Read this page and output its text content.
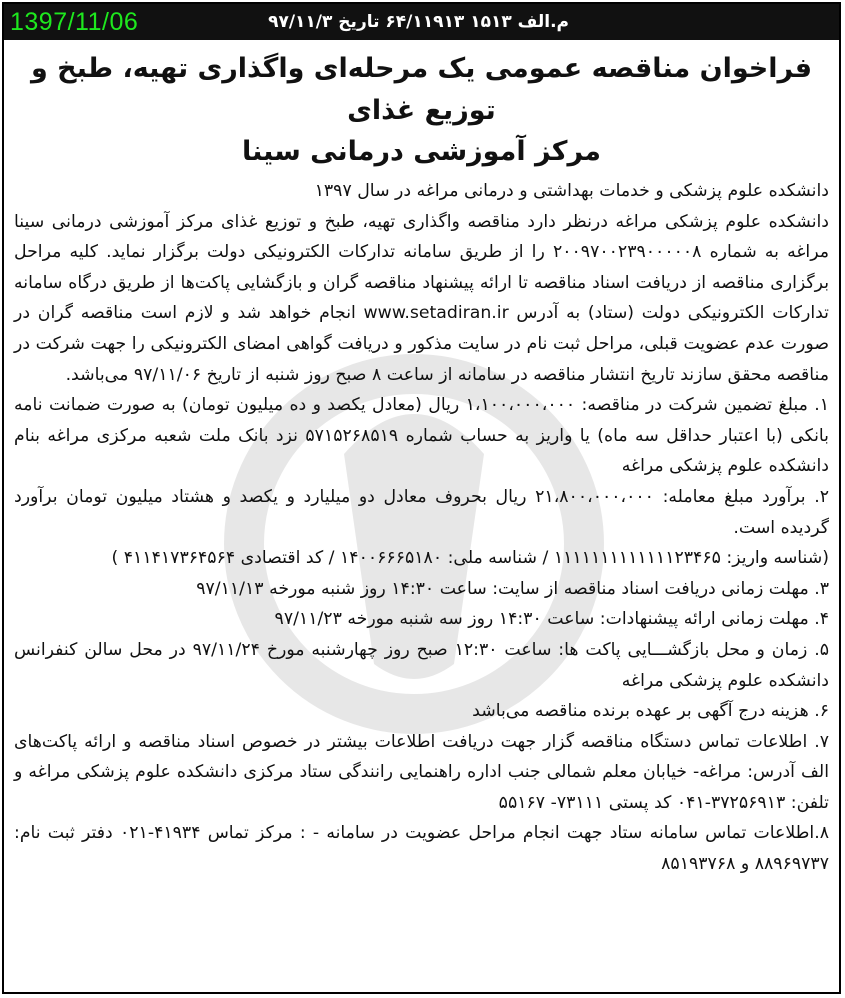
1397/11/06	م.الف ۱۵۱۳ ۶۴/۱۱۹۱۳ تاریخ ۹۷/۱۱/۳
فراخوان مناقصه عمومی یک مرحله‌ای واگذاری تهیه، طبخ و توزیع غذای
مرکز آموزشی درمانی سینا

دانشکده علوم پزشکی و خدمات بهداشتی و درمانی مراغه در سال ۱۳۹۷

دانشکده علوم پزشکی مراغه درنظر دارد مناقصه واگذاری تهیه، طبخ و توزیع غذای مرکز آموزشی درمانی سینا مراغه به شماره ۲۰۰۹۷۰۰۲۳۹۰۰۰۰۰۸ را از طریق سامانه تدارکات الکترونیکی دولت برگزار نماید. کلیه مراحل برگزاری مناقصه از دریافت اسناد مناقصه تا ارائه پیشنهاد مناقصه گران و بازگشایی پاکت‌ها از طریق درگاه سامانه تدارکات الکترونیکی دولت (ستاد) به آدرس www.setadiran.ir انجام خواهد شد و لازم است مناقصه گران در صورت عدم عضویت قبلی، مراحل ثبت نام در سایت مذکور و دریافت گواهی امضای الکترونیکی را جهت شرکت در مناقصه محقق سازند تاریخ انتشار مناقصه در سامانه از ساعت ۸ صبح روز شنبه از تاریخ ۹۷/۱۱/۰۶ می‌باشد.

۱. مبلغ تضمین شرکت در مناقصه: ۱،۱۰۰،۰۰۰،۰۰۰ ریال (معادل یکصد و ده میلیون تومان) به صورت ضمانت نامه بانکی (با اعتبار حداقل سه ماه) یا واریز به حساب شماره ۵۷۱۵۲۶۸۵۱۹ نزد بانک ملت شعبه مرکزی مراغه بنام دانشکده علوم پزشکی مراغه

۲. برآورد مبلغ معامله: ۲۱،۸۰۰،۰۰۰،۰۰۰ ریال بحروف معادل دو میلیارد و یکصد و هشتاد میلیون تومان برآورد گردیده است.

(شناسه واریز: ۱۱۱۱۱۱۱۱۱۱۱۱۱۲۳۴۶۵ / شناسه ملی: ۱۴۰۰۶۶۶۵۱۸۰ / کد اقتصادی ۴۱۱۴۱۷۳۶۴۵۶۴ )

۳. مهلت زمانی دریافت اسناد مناقصه از سایت: ساعت ۱۴:۳۰ روز شنبه مورخه ۹۷/۱۱/۱۳

۴. مهلت زمانی ارائه پیشنهادات: ساعت ۱۴:۳۰ روز سه شنبه مورخه ۹۷/۱۱/۲۳

۵. زمان و محل بازگشـــایی پاکت ها: ساعت ۱۲:۳۰ صبح روز چهارشنبه مورخ ۹۷/۱۱/۲۴ در محل سالن کنفرانس دانشکده علوم پزشکی مراغه

۶. هزینه درج آگهی بر عهده برنده مناقصه می‌باشد

۷. اطلاعات تماس دستگاه مناقصه گزار جهت دریافت اطلاعات بیشتر در خصوص اسناد مناقصه و ارائه پاکت‌های الف آدرس: مراغه- خیابان معلم شمالی جنب اداره راهنمایی رانندگی ستاد مرکزی دانشکده علوم پزشکی مراغه و تلفن: ۳۷۲۵۶۹۱۳-۰۴۱ کد پستی ۷۳۱۱۱- ۵۵۱۶۷

۸.اطلاعات تماس سامانه ستاد جهت انجام مراحل عضویت در سامانه - : مرکز تماس ۴۱۹۳۴-۰۲۱ دفتر ثبت نام: ۸۸۹۶۹۷۳۷ و ۸۵۱۹۳۷۶۸
